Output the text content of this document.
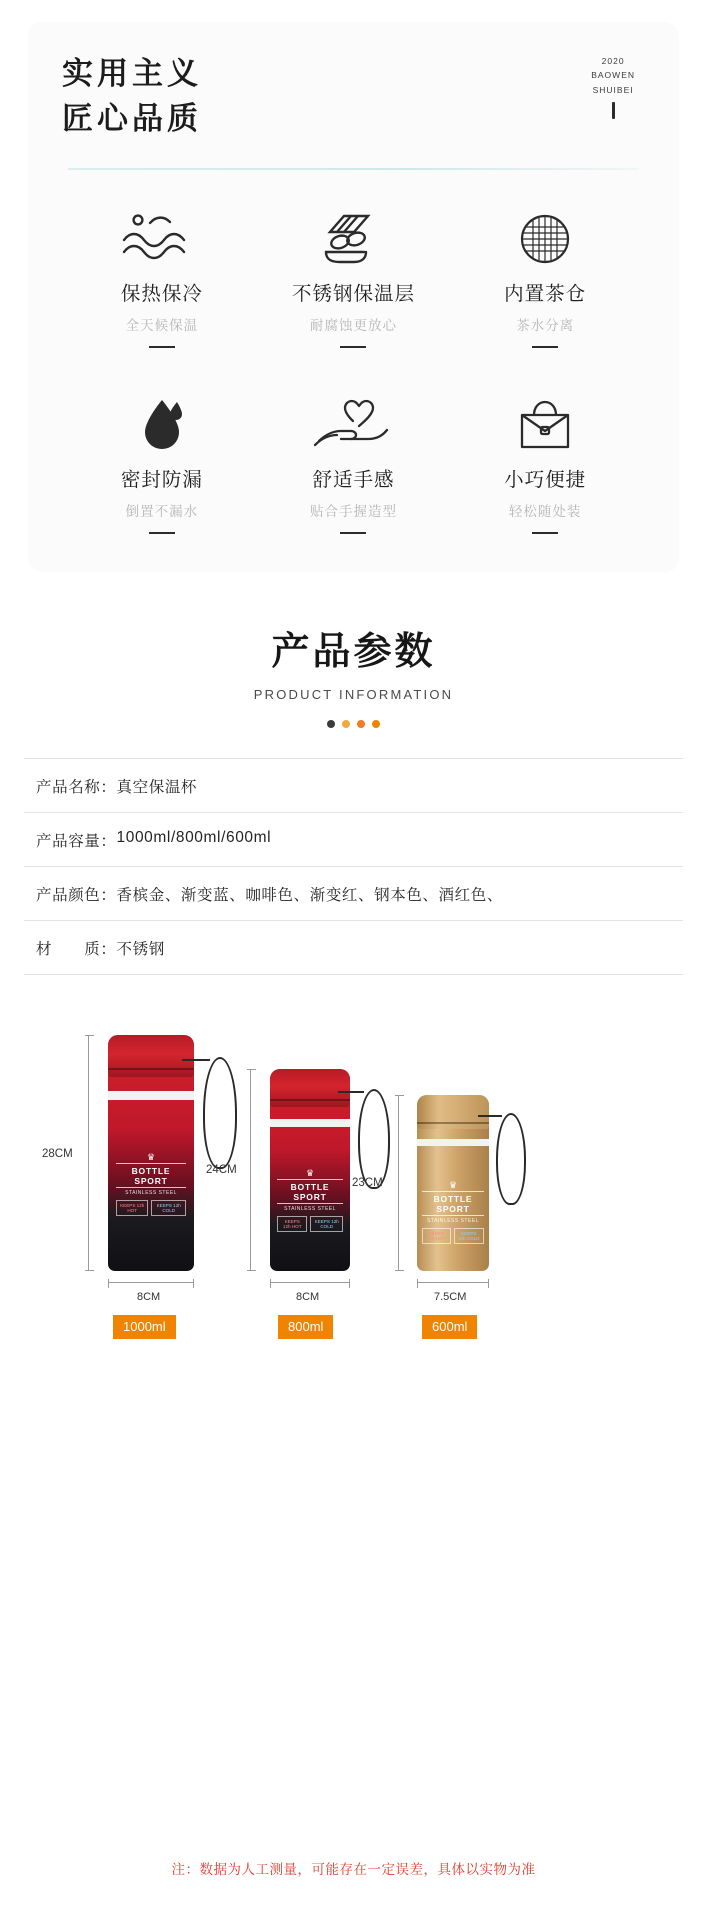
实用主义
匠心品质
2020
BAOWEN
SHUIBEI
保热保冷
全天候保温
不锈钢保温层
耐腐蚀更放心
内置茶仓
茶水分离
密封防漏
倒置不漏水
舒适手感
贴合手握造型
小巧便捷
轻松随处装
产品参数
PRODUCT INFORMATION
产品名称： 真空保温杯
产品容量： 1000ml/800ml/600ml
产品颜色： 香槟金、渐变蓝、咖啡色、渐变红、钢本色、酒红色、
材　　质： 不锈钢
♛
BOTTLE SPORT
STAINLESS STEEL
KEEPS 12h HOT
KEEPS 12h COLD
28CM
8CM
1000ml
♛
BOTTLE SPORT
STAINLESS STEEL
KEEPS 12h HOT
KEEPS 12h COLD
24CM
8CM
800ml
♛
BOTTLE SPORT
STAINLESS STEEL
KEEPS 12h HOT
KEEPS 12h COLD
23CM
7.5CM
600ml
注：数据为人工测量，可能存在一定误差，具体以实物为准
